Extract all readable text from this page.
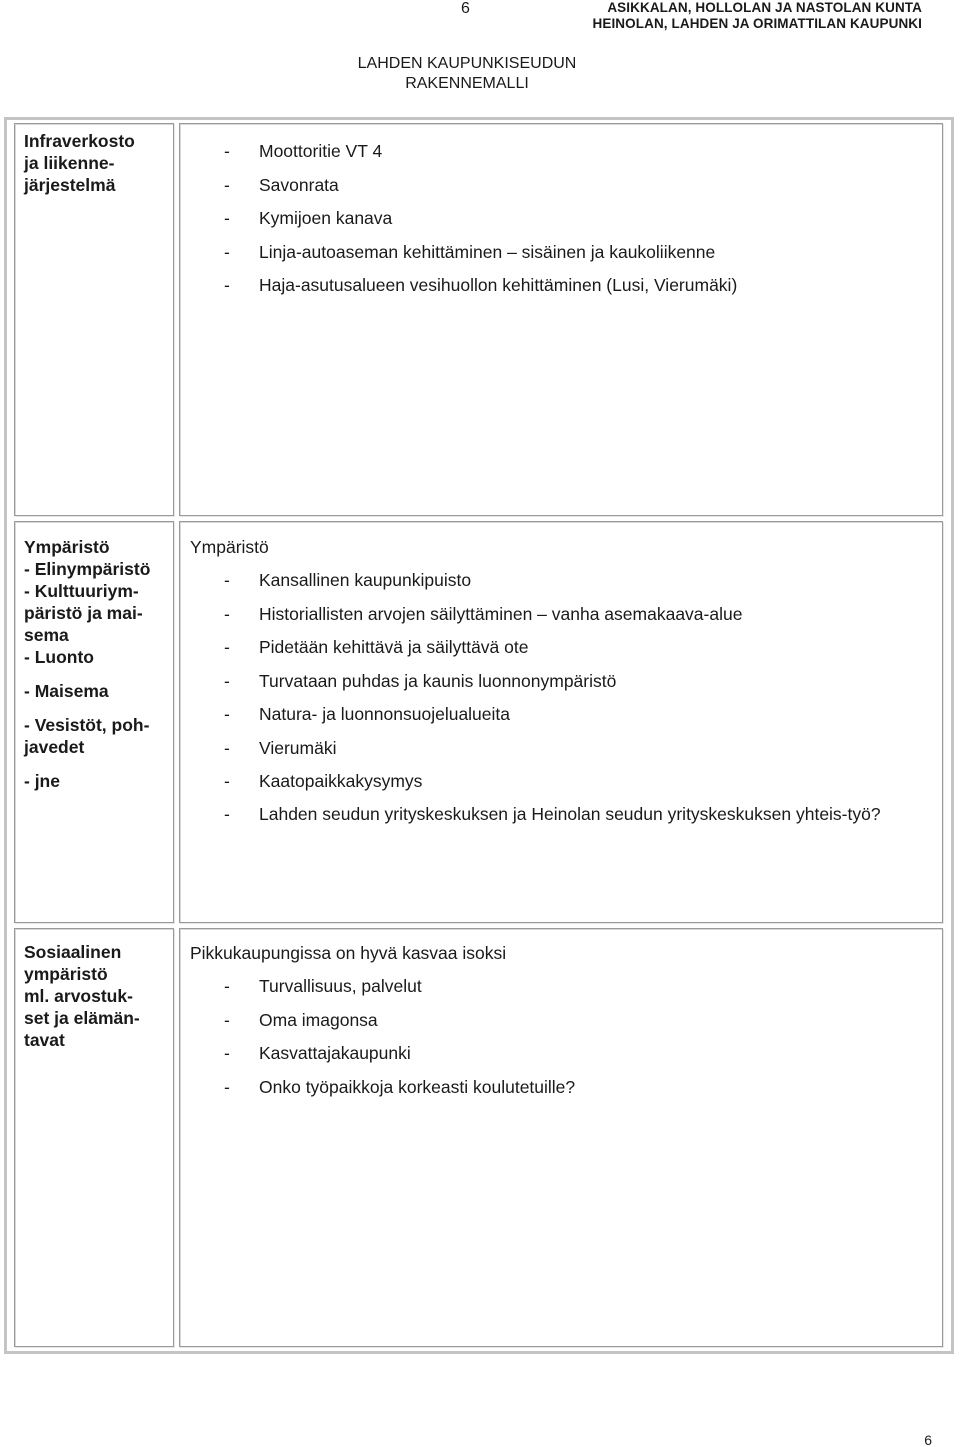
6	ASIKKALAN, HOLLOLAN JA NASTOLAN KUNTA
HEINOLAN, LAHDEN JA ORIMATTILAN KAUPUNKI
LAHDEN KAUPUNKISEUDUN
RAKENNEMALLI
Infraverkosto
ja liikenne-
järjestelmä
- Moottoritie VT 4
- Savonrata
- Kymijoen kanava
- Linja-autoaseman kehittäminen – sisäinen ja kaukoliikenne
- Haja-asutusalueen vesihuollon kehittäminen (Lusi, Vierumäki)
Ympäristö
- Elinympäristö
- Kulttuuriym-
päristö ja mai-
sema
- Luonto
- Maisema
- Vesistöt, poh-
javedet
- jne
Ympäristö
- Kansallinen kaupunkipuisto
- Historiallisten arvojen säilyttäminen – vanha asemakaava-alue
- Pidetään kehittävä ja säilyttävä ote
- Turvataan puhdas ja kaunis luonnonympäristö
- Natura- ja luonnonsuojelualueita
- Vierumäki
- Kaatopaikkakysymys
- Lahden seudun yrityskeskuksen ja Heinolan seudun yrityskeskuksen yhteis-työ?
Sosiaalinen
ympäristö
ml. arvostuk-
set ja elämän-
tavat
Pikkukaupungissa on hyvä kasvaa isoksi
- Turvallisuus, palvelut
- Oma imagonsa
- Kasvattajakaupunki
- Onko työpaikkoja korkeasti koulutetuille?
6
